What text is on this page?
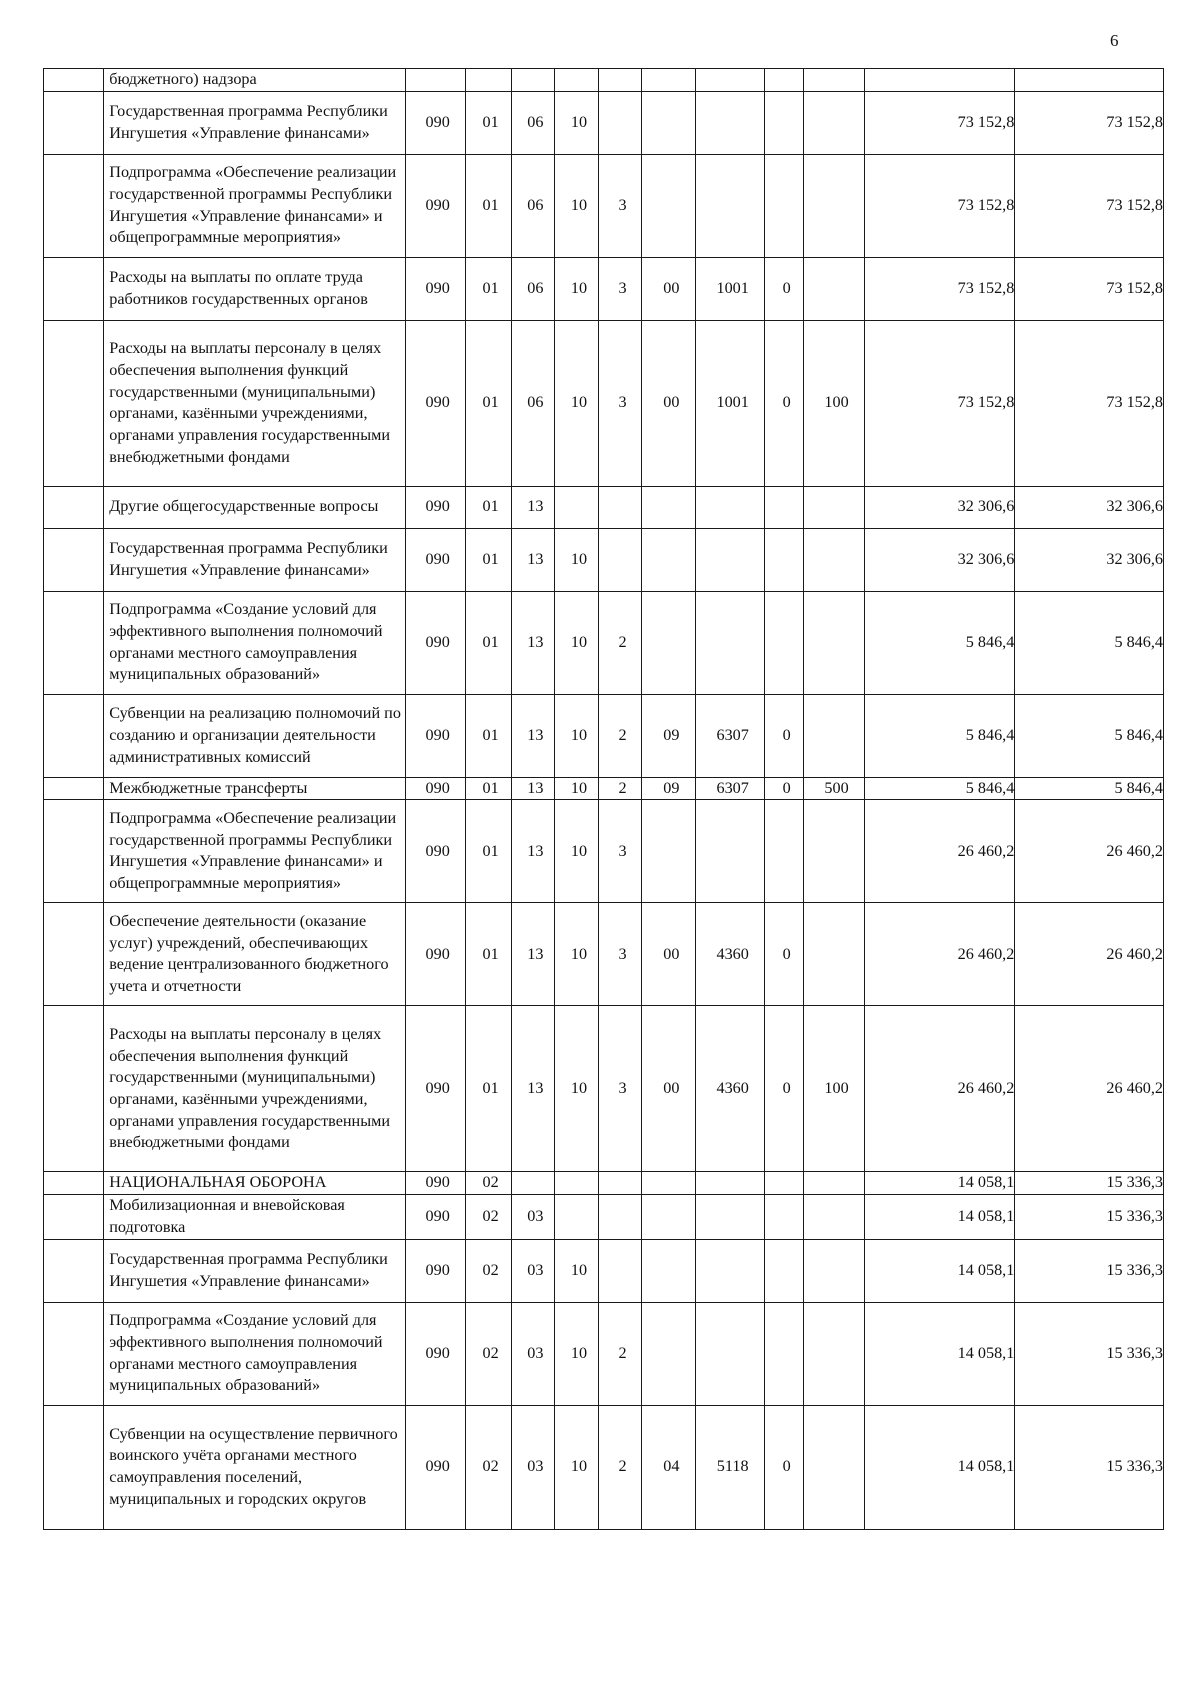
6
	бюджетного) надзора											
	Государственная программа Республики Ингушетия «Управление финансами»	090	01	06	10						73 152,8	73 152,8
	Подпрограмма «Обеспечение реализации государственной программы Республики Ингушетия «Управление финансами» и общепрограммные мероприятия»	090	01	06	10	3					73 152,8	73 152,8
	Расходы на выплаты по оплате труда работников государственных органов	090	01	06	10	3	00	1001	0		73 152,8	73 152,8
	Расходы на выплаты персоналу в целях обеспечения выполнения функций государственными (муниципальными) органами, казёнными учреждениями, органами управления государственными внебюджетными фондами	090	01	06	10	3	00	1001	0	100	73 152,8	73 152,8
	Другие общегосударственные вопросы	090	01	13							32 306,6	32 306,6
	Государственная программа Республики Ингушетия «Управление финансами»	090	01	13	10						32 306,6	32 306,6
	Подпрограмма «Создание условий для эффективного выполнения полномочий органами местного самоуправления муниципальных образований»	090	01	13	10	2					5 846,4	5 846,4
	Субвенции на реализацию полномочий по созданию и организации деятельности административных комиссий	090	01	13	10	2	09	6307	0		5 846,4	5 846,4
	Межбюджетные трансферты	090	01	13	10	2	09	6307	0	500	5 846,4	5 846,4
	Подпрограмма «Обеспечение реализации государственной программы Республики Ингушетия «Управление финансами» и общепрограммные мероприятия»	090	01	13	10	3					26 460,2	26 460,2
	Обеспечение деятельности (оказание услуг) учреждений, обеспечивающих ведение централизованного бюджетного учета и отчетности	090	01	13	10	3	00	4360	0		26 460,2	26 460,2
	Расходы на выплаты персоналу в целях обеспечения выполнения функций государственными (муниципальными) органами, казёнными учреждениями, органами управления государственными внебюджетными фондами	090	01	13	10	3	00	4360	0	100	26 460,2	26 460,2
	НАЦИОНАЛЬНАЯ ОБОРОНА	090	02								14 058,1	15 336,3
	Мобилизационная и вневойсковая подготовка	090	02	03							14 058,1	15 336,3
	Государственная программа Республики Ингушетия «Управление финансами»	090	02	03	10						14 058,1	15 336,3
	Подпрограмма «Создание условий для эффективного выполнения полномочий органами местного самоуправления муниципальных образований»	090	02	03	10	2					14 058,1	15 336,3
	Субвенции на осуществление первичного воинского учёта органами местного самоуправления поселений, муниципальных и городских округов	090	02	03	10	2	04	5118	0		14 058,1	15 336,3
